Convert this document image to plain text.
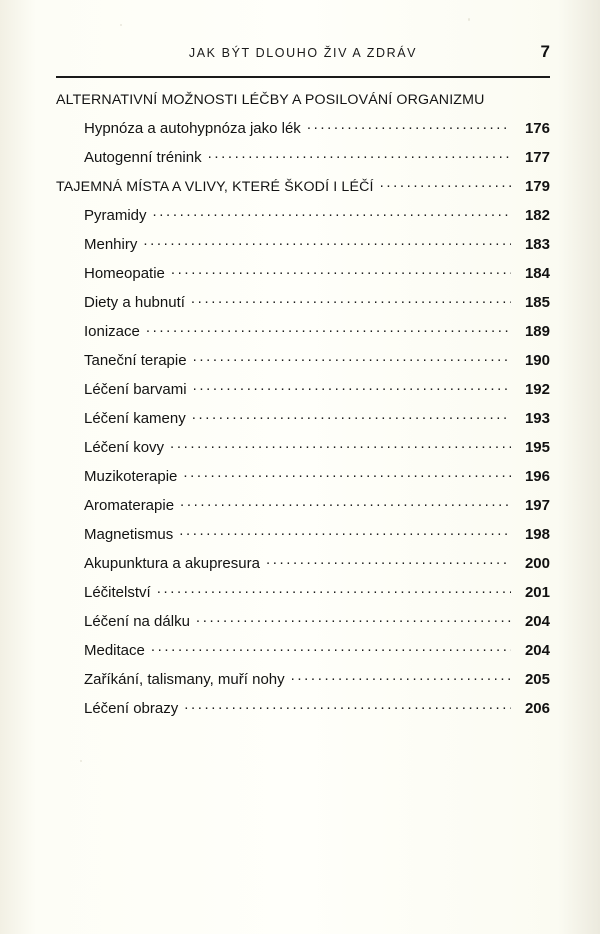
JAK BÝT DLOUHO ŽIV A ZDRÁV	7
ALTERNATIVNÍ MOŽNOSTI LÉČBY A POSILOVÁNÍ ORGANIZMU
Hypnóza a autohypnóza jako lék .....	176
Autogenní trénink .....	177
TAJEMNÁ MÍSTA A VLIVY, KTERÉ ŠKODÍ I LÉČÍ .....	179
Pyramidy .....	182
Menhiry .....	183
Homeopatie .....	184
Diety a hubnutí .....	185
Ionizace .....	189
Taneční terapie .....	190
Léčení barvami .....	192
Léčení kameny .....	193
Léčení kovy .....	195
Muzikoterapie .....	196
Aromaterapie .....	197
Magnetismus .....	198
Akupunktura a akupresura .....	200
Léčitelství .....	201
Léčení na dálku .....	204
Meditace .....	204
Zaříkání, talismany, muří nohy .....	205
Léčení obrazy .....	206
